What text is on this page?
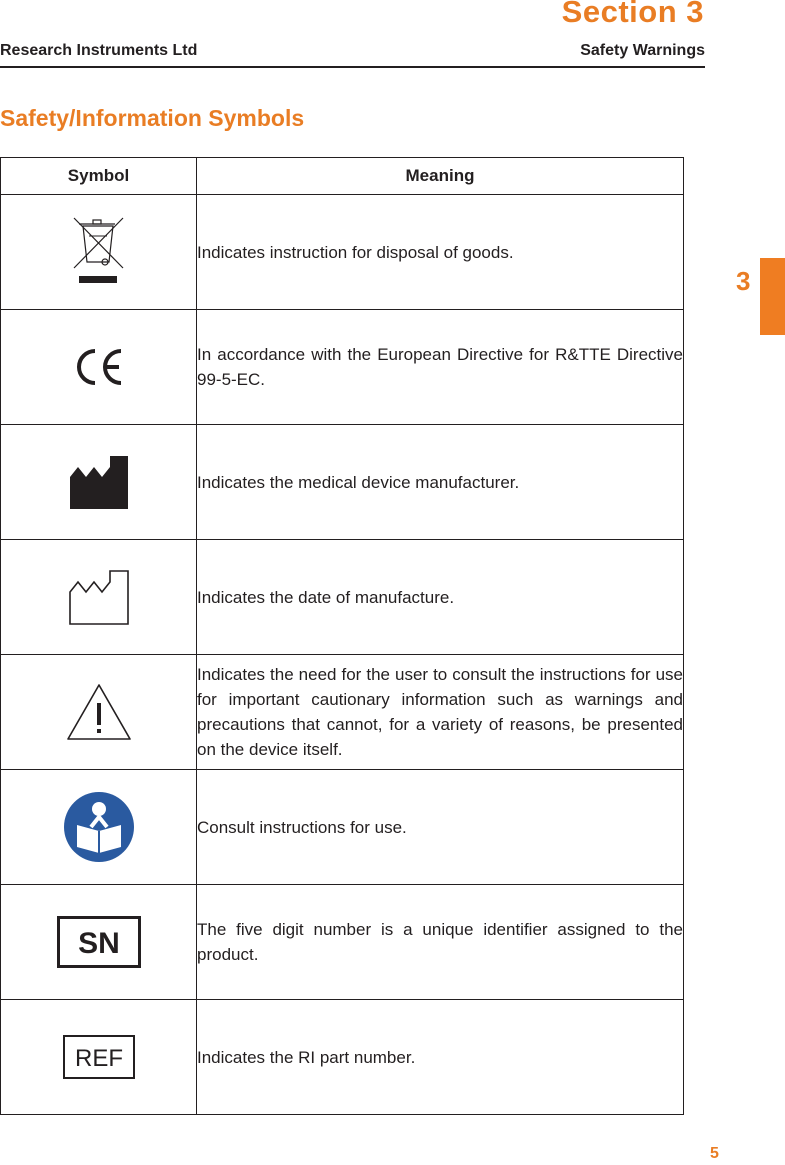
Section 3
Research Instruments Ltd	Safety Warnings
Safety/Information Symbols
3
Symbol	Meaning

	Indicates instruction for disposal of goods.

	In accordance with the European Directive for R&TTE Directive 99-5-EC.

	Indicates the medical device manufacturer.

	Indicates the date of manufacture.

	Indicates the need for the user to consult the instructions for use for important cautionary information such as warnings and precautions that cannot, for a variety of reasons, be presented on the device itself.

	Consult instructions for use.

SN	The five digit number is a unique identifier assigned to the product.

REF	Indicates the RI part number.
5
